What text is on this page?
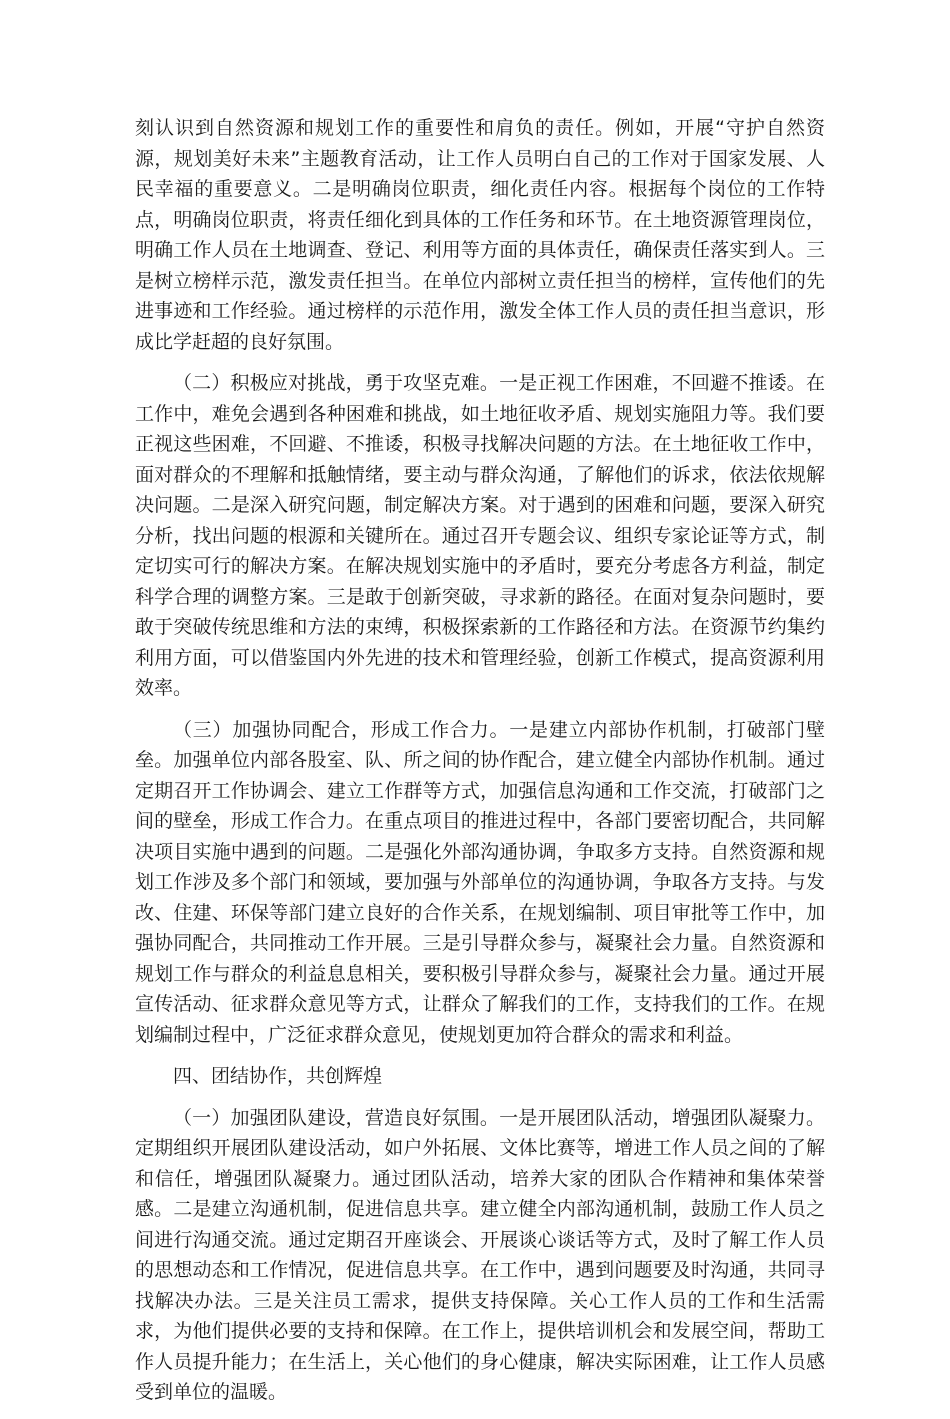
刻认识到自然资源和规划工作的重要性和肩负的责任。例如，开展“守护自然资源，规划美好未来”主题教育活动，让工作人员明白自己的工作对于国家发展、人民幸福的重要意义。二是明确岗位职责，细化责任内容。根据每个岗位的工作特点，明确岗位职责，将责任细化到具体的工作任务和环节。在土地资源管理岗位，明确工作人员在土地调查、登记、利用等方面的具体责任，确保责任落实到人。三是树立榜样示范，激发责任担当。在单位内部树立责任担当的榜样，宣传他们的先进事迹和工作经验。通过榜样的示范作用，激发全体工作人员的责任担当意识，形成比学赶超的良好氛围。

（二）积极应对挑战，勇于攻坚克难。一是正视工作困难，不回避不推诿。在工作中，难免会遇到各种困难和挑战，如土地征收矛盾、规划实施阻力等。我们要正视这些困难，不回避、不推诿，积极寻找解决问题的方法。在土地征收工作中，面对群众的不理解和抵触情绪，要主动与群众沟通，了解他们的诉求，依法依规解决问题。二是深入研究问题，制定解决方案。对于遇到的困难和问题，要深入研究分析，找出问题的根源和关键所在。通过召开专题会议、组织专家论证等方式，制定切实可行的解决方案。在解决规划实施中的矛盾时，要充分考虑各方利益，制定科学合理的调整方案。三是敢于创新突破，寻求新的路径。在面对复杂问题时，要敢于突破传统思维和方法的束缚，积极探索新的工作路径和方法。在资源节约集约利用方面，可以借鉴国内外先进的技术和管理经验，创新工作模式，提高资源利用效率。

（三）加强协同配合，形成工作合力。一是建立内部协作机制，打破部门壁垒。加强单位内部各股室、队、所之间的协作配合，建立健全内部协作机制。通过定期召开工作协调会、建立工作群等方式，加强信息沟通和工作交流，打破部门之间的壁垒，形成工作合力。在重点项目的推进过程中，各部门要密切配合，共同解决项目实施中遇到的问题。二是强化外部沟通协调，争取多方支持。自然资源和规划工作涉及多个部门和领域，要加强与外部单位的沟通协调，争取各方支持。与发改、住建、环保等部门建立良好的合作关系，在规划编制、项目审批等工作中，加强协同配合，共同推动工作开展。三是引导群众参与，凝聚社会力量。自然资源和规划工作与群众的利益息息相关，要积极引导群众参与，凝聚社会力量。通过开展宣传活动、征求群众意见等方式，让群众了解我们的工作，支持我们的工作。在规划编制过程中，广泛征求群众意见，使规划更加符合群众的需求和利益。

四、团结协作，共创辉煌

（一）加强团队建设，营造良好氛围。一是开展团队活动，增强团队凝聚力。定期组织开展团队建设活动，如户外拓展、文体比赛等，增进工作人员之间的了解和信任，增强团队凝聚力。通过团队活动，培养大家的团队合作精神和集体荣誉感。二是建立沟通机制，促进信息共享。建立健全内部沟通机制，鼓励工作人员之间进行沟通交流。通过定期召开座谈会、开展谈心谈话等方式，及时了解工作人员的思想动态和工作情况，促进信息共享。在工作中，遇到问题要及时沟通，共同寻找解决办法。三是关注员工需求，提供支持保障。关心工作人员的工作和生活需求，为他们提供必要的支持和保障。在工作上，提供培训机会和发展空间，帮助工作人员提升能力；在生活上，关心他们的身心健康，解决实际困难，让工作人员感受到单位的温暖。
